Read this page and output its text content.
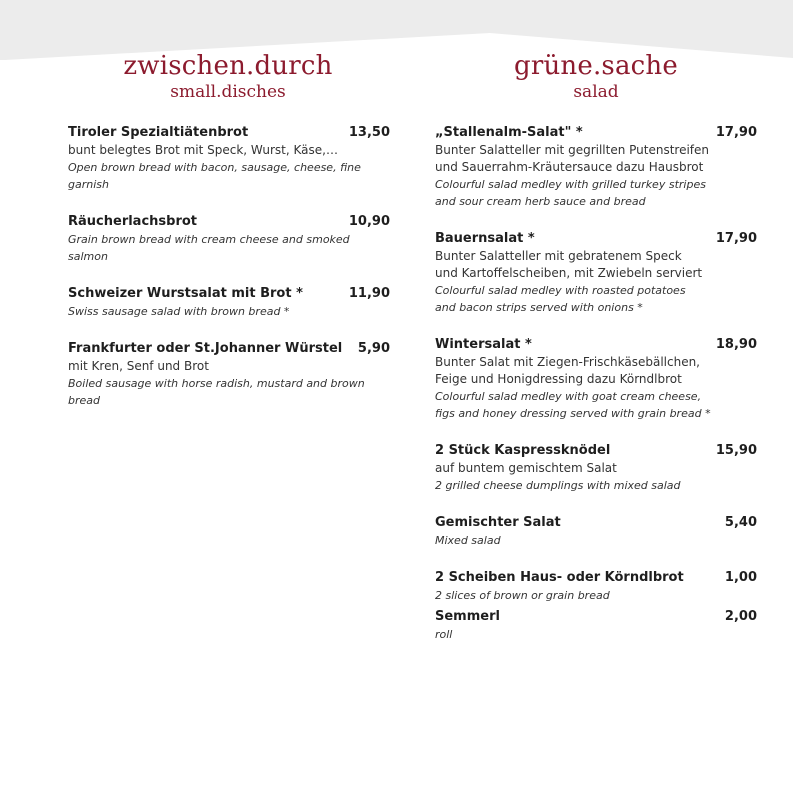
zwischen.durch
small.disches
Tiroler Spezialtiätenbrot	13,50
bunt belegtes Brot mit Speck, Wurst, Käse,…
Open brown bread with bacon, sausage, cheese, fine garnish
Räucherlachsbrot	10,90
Grain brown bread with cream cheese and smoked salmon
Schweizer Wurstsalat mit Brot *	11,90
Swiss sausage salad with brown bread *
Frankfurter oder St.Johanner Würstel 5,90
mit Kren, Senf und Brot
Boiled sausage with horse radish, mustard and brown bread
grüne.sache
salad
„Stallenalm-Salat" *	17,90
Bunter Salatteller mit gegrillten Putenstreifen
und Sauerrahm-Kräutersauce dazu Hausbrot
Colourful salad medley with grilled turkey stripes
and sour cream herb sauce and bread
Bauernsalat *	17,90
Bunter Salatteller mit gebratenem Speck
und Kartoffelscheiben, mit Zwiebeln serviert
Colourful salad medley with roasted potatoes
and bacon strips served with onions *
Wintersalat *	18,90
Bunter Salat mit Ziegen-Frischkäsebällchen,
Feige und Honigdressing dazu Körndlbrot
Colourful salad medley with goat cream cheese,
figs and honey dressing served with grain bread *
2 Stück Kaspressknödel	15,90
auf buntem gemischtem Salat
2 grilled cheese dumplings with mixed salad
Gemischter Salat	5,40
Mixed salad
2 Scheiben Haus- oder Körndlbrot	1,00
2 slices of brown or grain bread
Semmerl	2,00
roll
